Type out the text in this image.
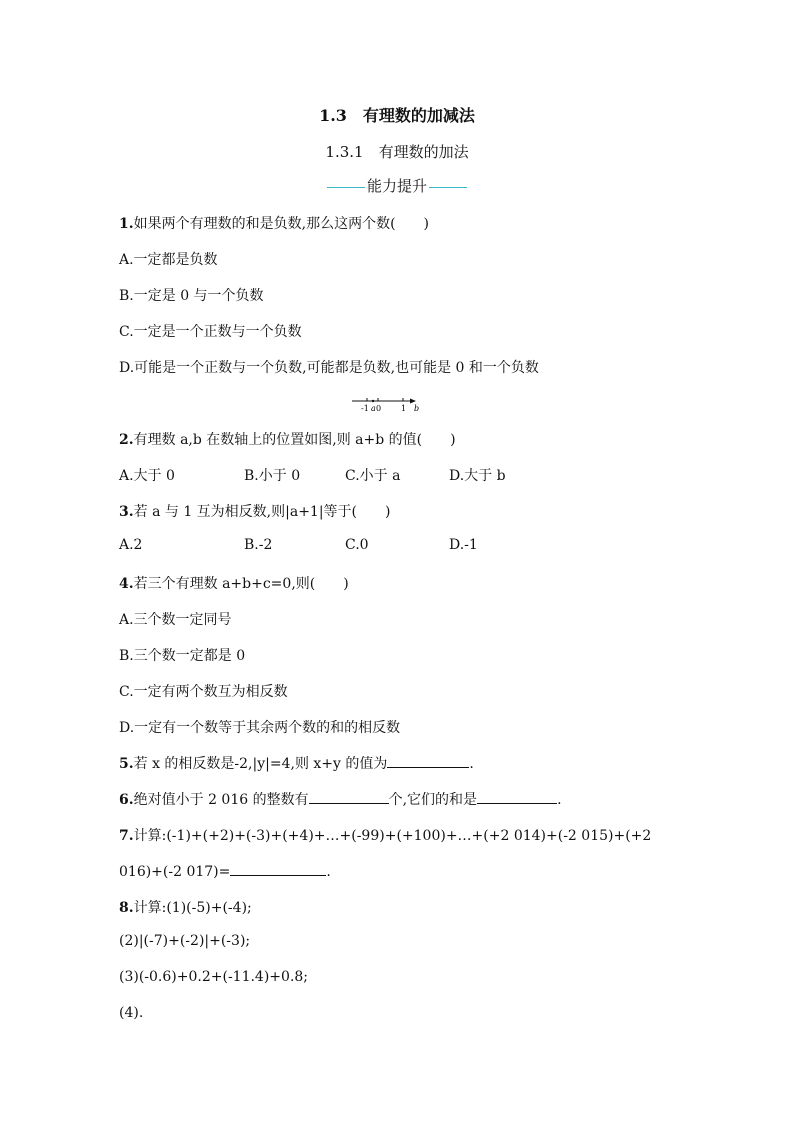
1.3　有理数的加减法
1.3.1　有理数的加法
能力提升
1.如果两个有理数的和是负数,那么这两个数(　　)
A.一定都是负数
B.一定是 0 与一个负数
C.一定是一个正数与一个负数
D.可能是一个正数与一个负数,可能都是负数,也可能是 0 和一个负数
-1 a 0 1 b
2.有理数 a,b 在数轴上的位置如图,则 a+b 的值(　　)
A.大于 0	B.小于 0	C.小于 a	D.大于 b
3.若 a 与 1 互为相反数,则|a+1|等于(　　)
A.2	B.-2	C.0	D.-1
4.若三个有理数 a+b+c=0,则(　　)
A.三个数一定同号
B.三个数一定都是 0
C.一定有两个数互为相反数
D.一定有一个数等于其余两个数的和的相反数
5.若 x 的相反数是-2,|y|=4,则 x+y 的值为	.
6.绝对值小于 2 016 的整数有	个,它们的和是	.
7.计算:(-1)+(+2)+(-3)+(+4)+…+(-99)+(+100)+…+(+2 014)+(-2 015)+(+2
016)+(-2 017)=	.
8.计算:(1)(-5)+(-4);
(2)|(-7)+(-2)|+(-3);
(3)(-0.6)+0.2+(-11.4)+0.8;
(4).
